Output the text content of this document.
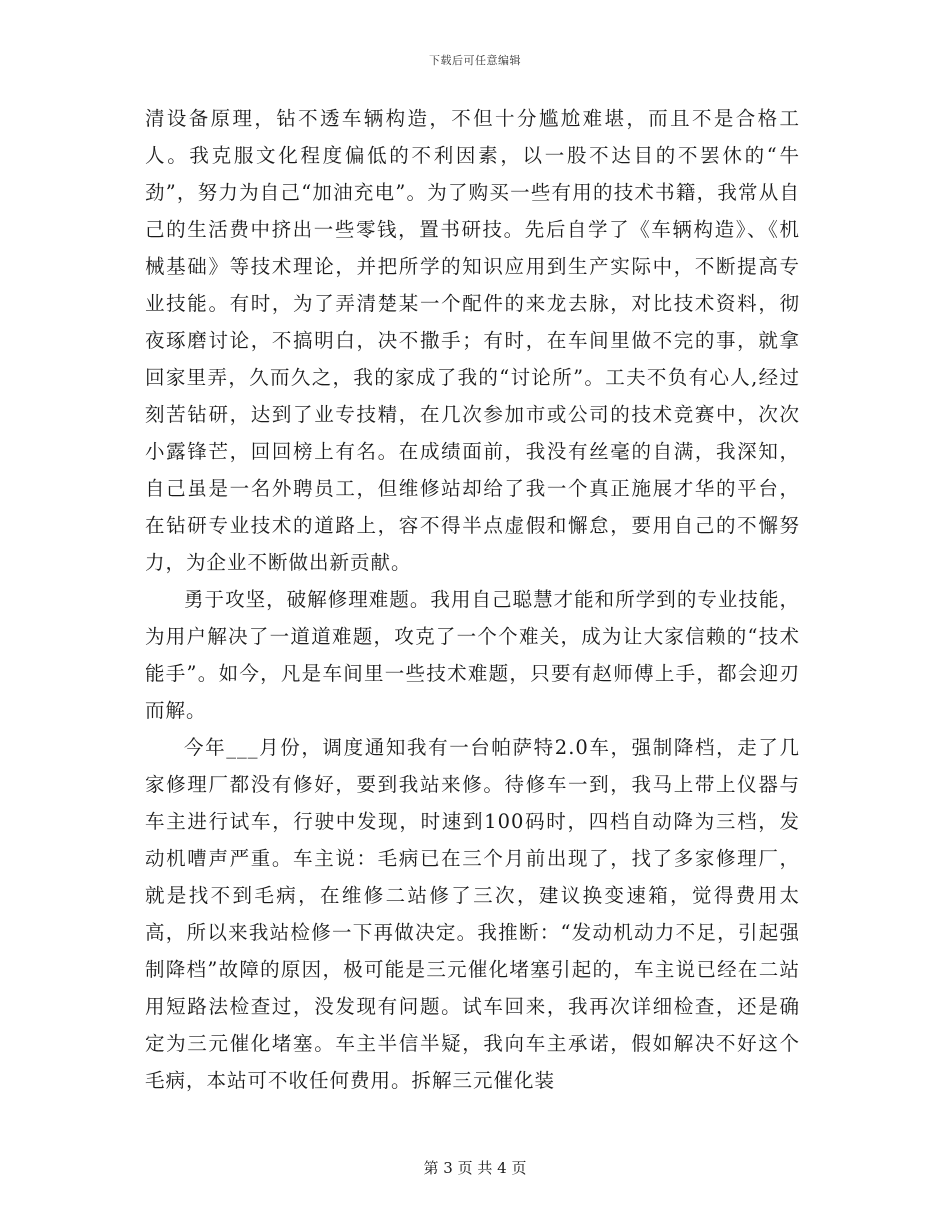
下载后可任意编辑

清设备原理，钻不透车辆构造，不但十分尴尬难堪，而且不是合格工人。我克服文化程度偏低的不利因素，以一股不达目的不罢休的“牛劲”，努力为自己“加油充电”。为了购买一些有用的技术书籍，我常从自己的生活费中挤出一些零钱，置书研技。先后自学了《车辆构造》、《机械基础》等技术理论，并把所学的知识应用到生产实际中，不断提高专业技能。有时，为了弄清楚某一个配件的来龙去脉，对比技术资料，彻夜琢磨讨论，不搞明白，决不撒手；有时，在车间里做不完的事，就拿回家里弄，久而久之，我的家成了我的“讨论所”。工夫不负有心人,经过刻苦钻研，达到了业专技精，在几次参加市或公司的技术竞赛中，次次小露锋芒，回回榜上有名。在成绩面前，我没有丝毫的自满，我深知，自己虽是一名外聘员工，但维修站却给了我一个真正施展才华的平台，在钻研专业技术的道路上，容不得半点虚假和懈怠，要用自己的不懈努力，为企业不断做出新贡献。

勇于攻坚，破解修理难题。我用自己聪慧才能和所学到的专业技能，为用户解决了一道道难题，攻克了一个个难关，成为让大家信赖的“技术能手”。如今，凡是车间里一些技术难题，只要有赵师傅上手，都会迎刃而解。

今年___月份，调度通知我有一台帕萨特2.0车，强制降档，走了几家修理厂都没有修好，要到我站来修。待修车一到，我马上带上仪器与车主进行试车，行驶中发现，时速到100码时，四档自动降为三档，发动机嘈声严重。车主说：毛病已在三个月前出现了，找了多家修理厂，就是找不到毛病，在维修二站修了三次，建议换变速箱，觉得费用太高，所以来我站检修一下再做决定。我推断：“发动机动力不足，引起强制降档”故障的原因，极可能是三元催化堵塞引起的，车主说已经在二站用短路法检查过，没发现有问题。试车回来，我再次详细检查，还是确定为三元催化堵塞。车主半信半疑，我向车主承诺，假如解决不好这个毛病，本站可不收任何费用。拆解三元催化装

第 3 页 共 4 页
